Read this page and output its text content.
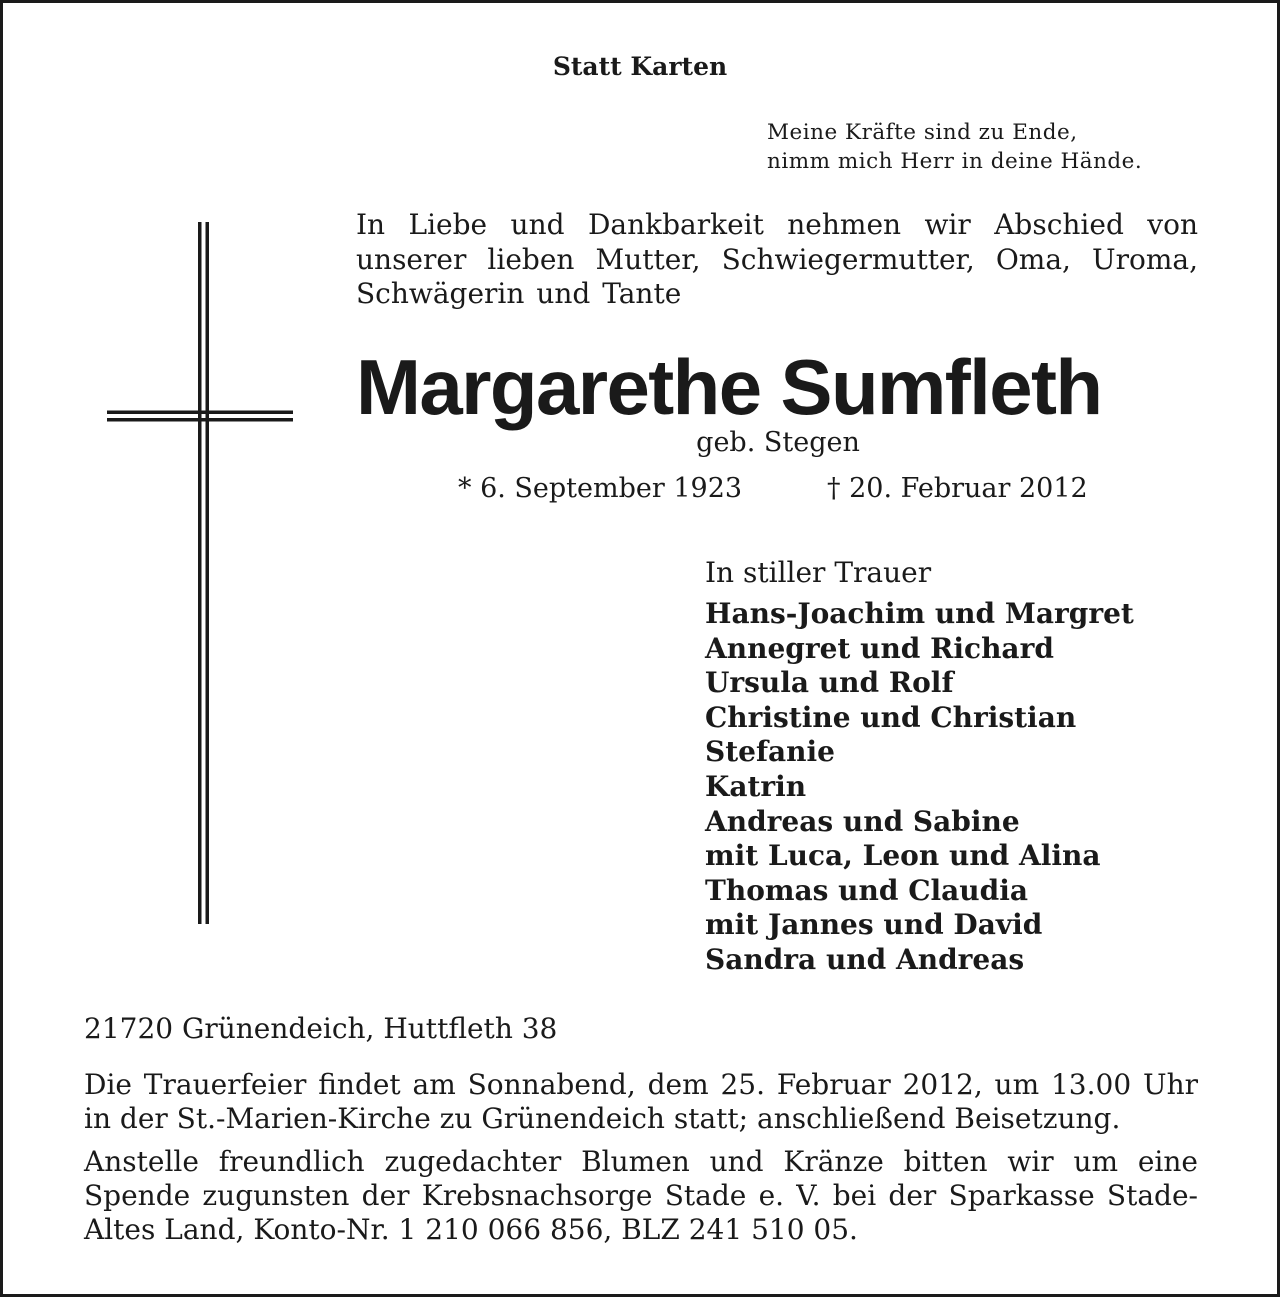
Statt Karten
Meine Kräfte sind zu Ende,
nimm mich Herr in deine Hände.
In Liebe und Dankbarkeit nehmen wir Abschied von unserer lieben Mutter, Schwiegermutter, Oma, Uroma, Schwägerin und Tante
Margarethe Sumfleth
geb. Stegen
* 6. September 1923	† 20. Februar 2012
In stiller Trauer
Hans-Joachim und Margret
Annegret und Richard
Ursula und Rolf
Christine und Christian
Stefanie
Katrin
Andreas und Sabine
mit Luca, Leon und Alina
Thomas und Claudia
mit Jannes und David
Sandra und Andreas
21720 Grünendeich, Huttfleth 38
Die Trauerfeier findet am Sonnabend, dem 25. Februar 2012, um 13.00 Uhr in der St.-Marien-Kirche zu Grünendeich statt; anschließend Beisetzung.
Anstelle freundlich zugedachter Blumen und Kränze bitten wir um eine Spende zugunsten der Krebsnachsorge Stade e. V. bei der Sparkasse Stade-Altes Land, Konto-Nr. 1 210 066 856, BLZ 241 510 05.
